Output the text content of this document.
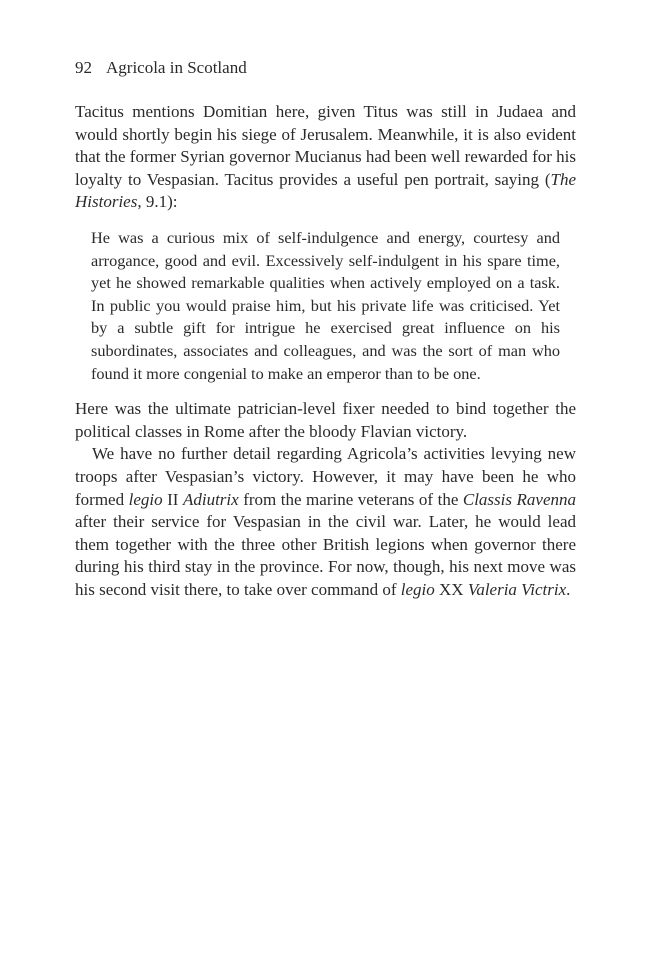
92 Agricola in Scotland

Tacitus mentions Domitian here, given Titus was still in Judaea and would shortly begin his siege of Jerusalem. Meanwhile, it is also evident that the former Syrian governor Mucianus had been well rewarded for his loyalty to Vespasian. Tacitus provides a useful pen portrait, saying (The Histories, 9.1):

He was a curious mix of self-indulgence and energy, courtesy and arrogance, good and evil. Excessively self-indulgent in his spare time, yet he showed remarkable qualities when actively employed on a task. In public you would praise him, but his private life was criticised. Yet by a subtle gift for intrigue he exercised great influence on his subordinates, associates and colleagues, and was the sort of man who found it more congenial to make an emperor than to be one.

Here was the ultimate patrician-level fixer needed to bind together the political classes in Rome after the bloody Flavian victory.

We have no further detail regarding Agricola’s activities levying new troops after Vespasian’s victory. However, it may have been he who formed legio II Adiutrix from the marine veterans of the Classis Ravenna after their service for Vespasian in the civil war. Later, he would lead them together with the three other British legions when governor there during his third stay in the province. For now, though, his next move was his second visit there, to take over command of legio XX Valeria Victrix.
